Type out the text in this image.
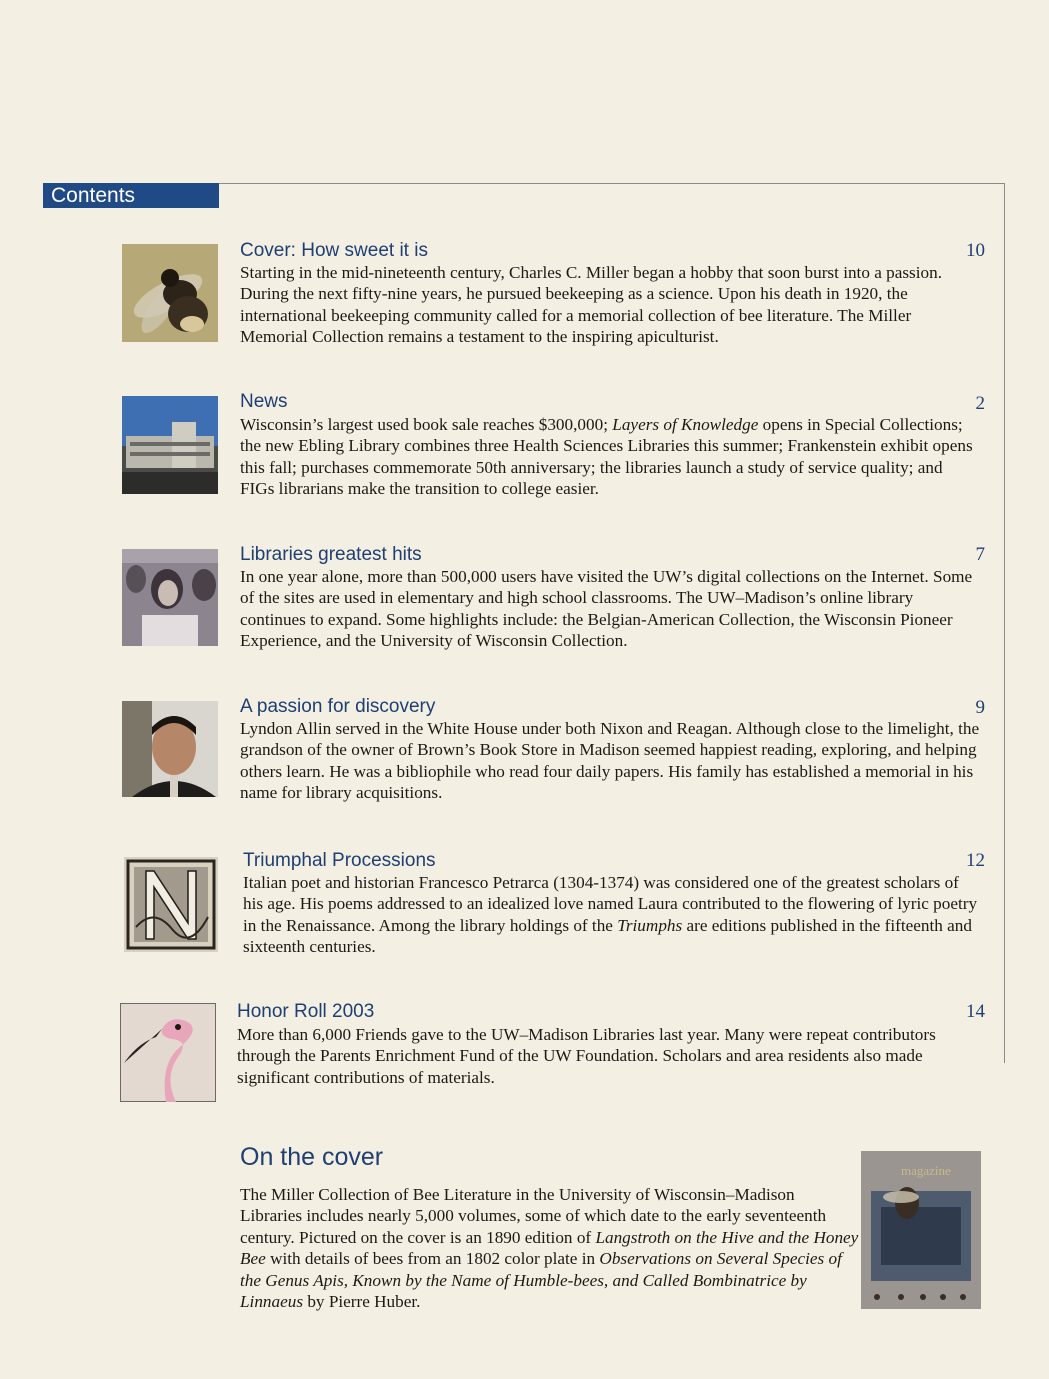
Contents
Cover: How sweet it is	10
Starting in the mid-nineteenth century, Charles C. Miller began a hobby that soon burst into a passion. During the next fifty-nine years, he pursued beekeeping as a science. Upon his death in 1920, the international beekeeping community called for a memorial collection of bee literature. The Miller Memorial Collection remains a testament to the inspiring apiculturist.
News	2
Wisconsin’s largest used book sale reaches $300,000; Layers of Knowledge opens in Special Collections; the new Ebling Library combines three Health Sciences Libraries this summer; Frankenstein exhibit opens this fall; purchases commemorate 50th anniversary; the libraries launch a study of service quality; and FIGs librarians make the transition to college easier.
Libraries greatest hits	7
In one year alone, more than 500,000 users have visited the UW’s digital collections on the Internet. Some of the sites are used in elementary and high school classrooms. The UW–Madison’s online library continues to expand. Some highlights include: the Belgian-American Collection, the Wisconsin Pioneer Experience, and the University of Wisconsin Collection.
A passion for discovery	9
Lyndon Allin served in the White House under both Nixon and Reagan. Although close to the limelight, the grandson of the owner of Brown’s Book Store in Madison seemed happiest reading, exploring, and helping others learn. He was a bibliophile who read four daily papers. His family has established a memorial in his name for library acquisitions.
Triumphal Processions	12
Italian poet and historian Francesco Petrarca (1304-1374) was considered one of the greatest scholars of his age. His poems addressed to an idealized love named Laura contributed to the flowering of lyric poetry in the Renaissance. Among the library holdings of the Triumphs are editions published in the fifteenth and sixteenth centuries.
Honor Roll 2003	14
More than 6,000 Friends gave to the UW–Madison Libraries last year. Many were repeat contributors through the Parents Enrichment Fund of the UW Foundation. Scholars and area residents also made significant contributions of materials.
On the cover
The Miller Collection of Bee Literature in the University of Wisconsin–Madison Libraries includes nearly 5,000 volumes, some of which date to the early seventeenth century. Pictured on the cover is an 1890 edition of Langstroth on the Hive and the Honey Bee with details of bees from an 1802 color plate in Observations on Several Species of the Genus Apis, Known by the Name of Humble-bees, and Called Bombinatrice by Linnaeus by Pierre Huber.
magazine
